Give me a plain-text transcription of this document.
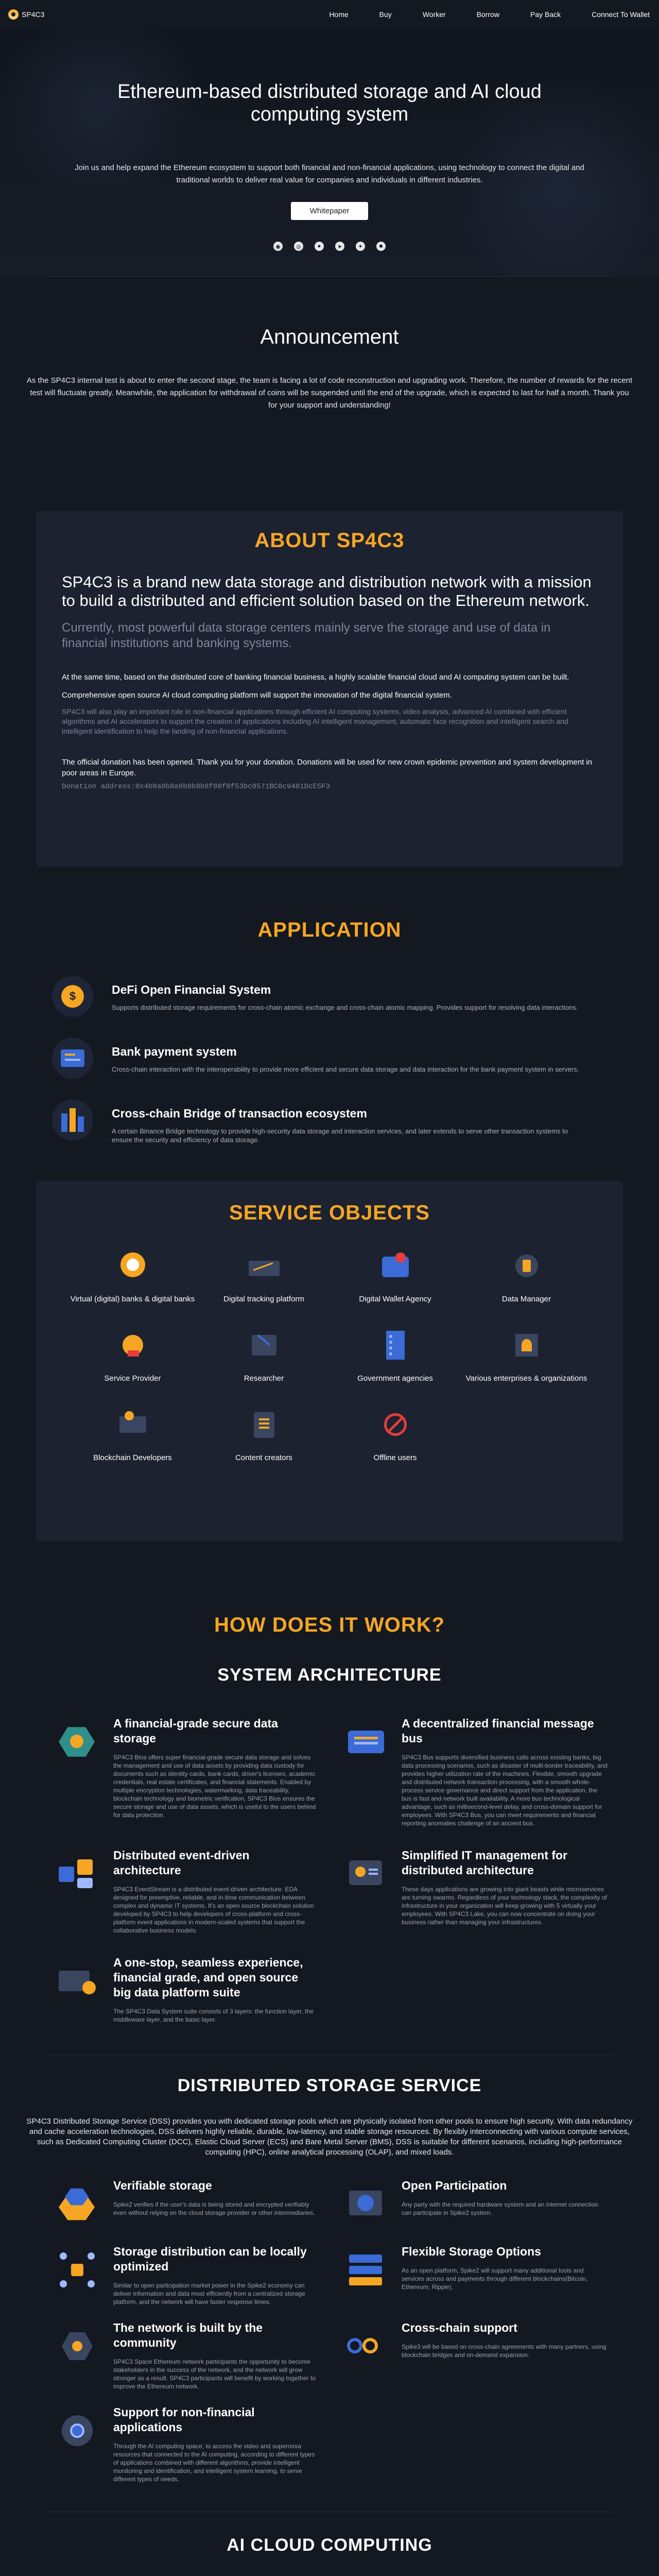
SP4C3	Home	Buy	Worker	Borrow	Pay Back	Connect To Wallet
Ethereum-based distributed storage and AI cloud computing system

Join us and help expand the Ethereum ecosystem to support both financial and non-financial applications, using technology to connect the digital and traditional worlds to deliver real value for companies and individuals in different industries.

Whitepaper
◉	◎	●	➤	✦	■
Announcement

As the SP4C3 internal test is about to enter the second stage, the team is facing a lot of code reconstruction and upgrading work. Therefore, the number of rewards for the recent test will fluctuate greatly. Meanwhile, the application for withdrawal of coins will be suspended until the end of the upgrade, which is expected to last for half a month. Thank you for your support and understanding!

ABOUT SP4C3
SP4C3 is a brand new data storage and distribution network with a mission to build a distributed and efficient solution based on the Ethereum network.
Currently, most powerful data storage centers mainly serve the storage and use of data in financial institutions and banking systems.
At the same time, based on the distributed core of banking financial business, a highly scalable financial cloud and AI computing system can be built.
Comprehensive open source AI cloud computing platform will support the innovation of the digital financial system.
SP4C3 will also play an important role in non-financial applications through efficient AI computing systems, video analysis, advanced AI combined with efficient algorithms and AI accelerators to support the creation of applications including AI intelligent management, automatic face recognition and intelligent search and intelligent identification to help the landing of non-financial applications.
The official donation has been opened. Thank you for your donation. Donations will be used for new crown epidemic prevention and system development in poor areas in Europe.
Donation address:0x4b8a8b8a8b8b8b8f00f0f53bc0571BC0c9481DcE5F3
APPLICATION
$	DeFi Open Financial System

Supports distributed storage requirements for cross-chain atomic exchange and cross-chain atomic mapping. Provides support for resolving data interactions.

Bank payment system

Cross-chain interaction with the interoperability to provide more efficient and secure data storage and data interaction for the bank payment system in servers.

Cross-chain Bridge of transaction ecosystem

A certain Binance Bridge technology to provide high-security data storage and interaction services, and later extends to serve other transaction systems to ensure the security and efficiency of data storage.

SERVICE OBJECTS
Virtual (digital) banks & digital banks	Digital tracking platform	Digital Wallet Agency	Data Manager
Service Provider	Researcher	Government agencies	Various enterprises & organizations
Blockchain Developers	Content creators	Offline users
HOW DOES IT WORK?
SYSTEM ARCHITECTURE
A financial-grade secure data storage

SP4C3 Bios offers super financial-grade secure data storage and solves the management and use of data assets by providing data custody for documents such as identity cards, bank cards, driver's licenses, academic credentials, real estate certificates, and financial statements. Enabled by multiple encryption technologies, watermarking, data traceability, blockchain technology and biometric verification, SP4C3 Bios ensures the secure storage and use of data assets, which is useful to the users behind for data protection.

A decentralized financial message bus

SP4C3 Bus supports diversified business calls across existing banks, big data processing scenarios, such as disaster of multi-border traceability, and provides higher utilization rate of the machines. Flexible, smooth upgrade and distributed network transaction processing, with a smooth whole-process service governance and direct support from the application, the bus is fast and network built availability. A more bus technological advantage, such as millisecond-level delay, and cross-domain support for employees. With SP4C3 Bus, you can meet requirements and financial reporting anomalies challenge of an ancient bus.

Distributed event-driven architecture

SP4C3 EventStream is a distributed event-driven architecture. EDA designed for preemptive, reliable, and in-time communication between complex and dynamic IT systems. It's an open source blockchain solution developed by SP4C3 to help developers of cross-platform and cross-platform event applications in modern-scaled systems that support the collaborative business models.

Simplified IT management for distributed architecture

These days applications are growing into giant beasts while microservices are turning swarms. Regardless of your technology stack, the complexity of infrastructure in your organization will keep growing with 5 virtually your employees. With SP4C3 Lake, you can now concentrate on doing your business rather than managing your infrastructures.

A one-stop, seamless experience, financial grade, and open source big data platform suite

The SP4C3 Data System suite consists of 3 layers: the function layer, the middleware layer, and the basic layer.

DISTRIBUTED STORAGE SERVICE
SP4C3 Distributed Storage Service (DSS) provides you with dedicated storage pools which are physically isolated from other pools to ensure high security. With data redundancy and cache acceleration technologies, DSS delivers highly reliable, durable, low-latency, and stable storage resources. By flexibly interconnecting with various compute services, such as Dedicated Computing Cluster (DCC), Elastic Cloud Server (ECS) and Bare Metal Server (BMS), DSS is suitable for different scenarios, including high-performance computing (HPC), online analytical processing (OLAP), and mixed loads.
Verifiable storage

Spike2 verifies if the user's data is being stored and encrypted verifiably even without relying on the cloud storage provider or other intermediaries.

Open Participation

Any party with the required hardware system and an internet connection can participate in Spike2 system.

Storage distribution can be locally optimized

Similar to open participation market power in the Spike2 economy can deliver information and data most efficiently from a centralized storage platform, and the network will have faster response times.

Flexible Storage Options

As an open platform, Spike2 will support many additional tools and services across and payments through different blockchains(Bitcoin, Ethereum, Ripple).

The network is built by the community

SP4C3 Space Ethereum network participants the opportunity to become stakeholders in the success of the network, and the network will grow stronger as a result. SP4C3 participants will benefit by working together to improve the Ethereum network.

Cross-chain support

Spike3 will be based on cross-chain agreements with many partners, using blockchain bridges and on-demand expansion.

Support for non-financial applications

Through the AI computing space, to access the video and supernova resources that connected to the AI computing, according to different types of applications combined with different algorithms, provide intelligent monitoring and identification, and intelligent system learning, to serve different types of needs.

AI CLOUD COMPUTING
